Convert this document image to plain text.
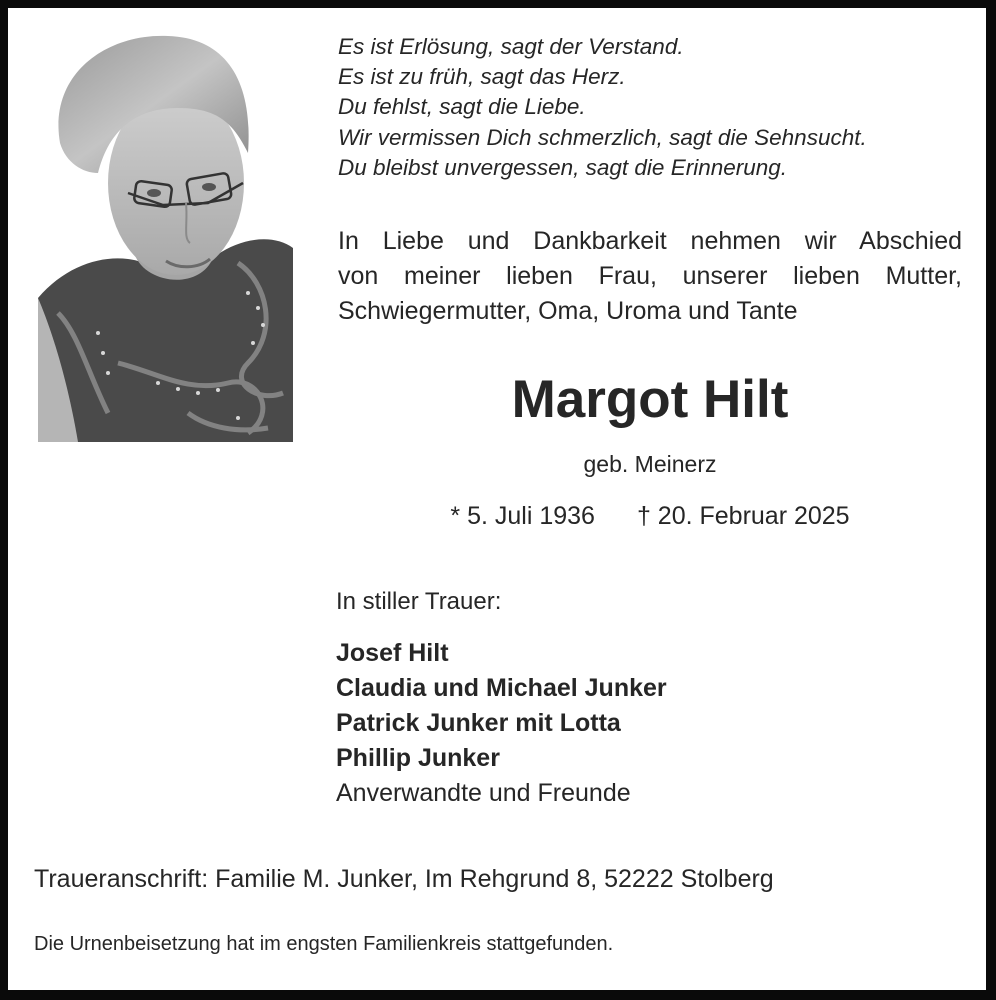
Es ist Erlösung, sagt der Verstand.
Es ist zu früh, sagt das Herz.
Du fehlst, sagt die Liebe.
Wir vermissen Dich schmerzlich, sagt die Sehnsucht.
Du bleibst unvergessen, sagt die Erinnerung.
In Liebe und Dankbarkeit nehmen wir Abschied
von meiner lieben Frau, unserer lieben Mutter,
Schwiegermutter, Oma, Uroma und Tante
Margot Hilt
geb. Meinerz
* 5. Juli 1936 † 20. Februar 2025
In stiller Trauer:
Josef Hilt
Claudia und Michael Junker
Patrick Junker mit Lotta
Phillip Junker
Anverwandte und Freunde
Traueranschrift: Familie M. Junker, Im Rehgrund 8, 52222 Stolberg
Die Urnenbeisetzung hat im engsten Familienkreis stattgefunden.
